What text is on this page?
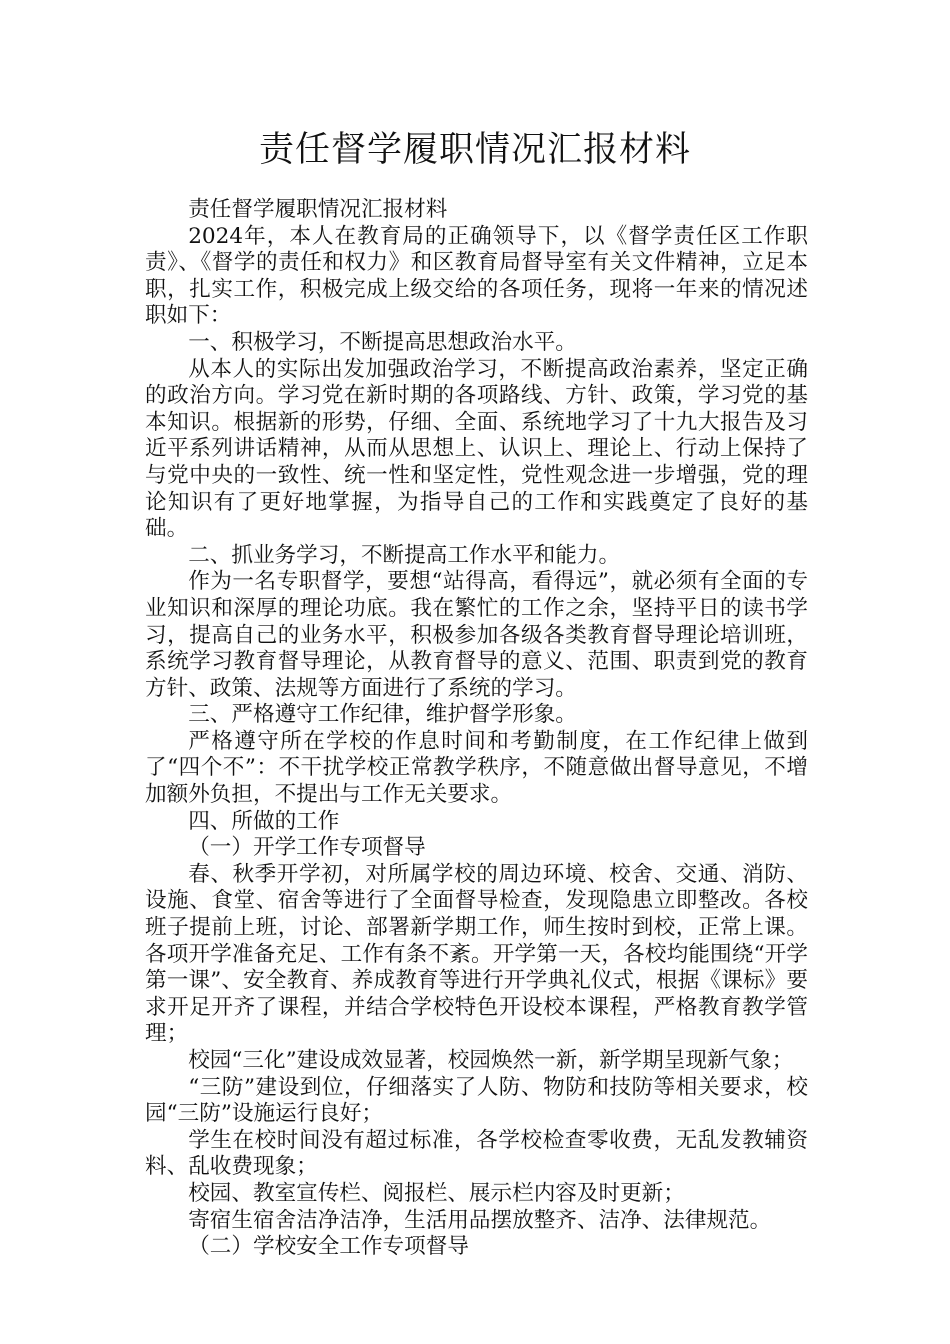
责任督学履职情况汇报材料

责任督学履职情况汇报材料

2024年，本人在教育局的正确领导下，以《督学责任区工作职责》、《督学的责任和权力》和区教育局督导室有关文件精神，立足本职，扎实工作，积极完成上级交给的各项任务，现将一年来的情况述职如下：

一、积极学习，不断提高思想政治水平。

从本人的实际出发加强政治学习，不断提高政治素养，坚定正确的政治方向。学习党在新时期的各项路线、方针、政策，学习党的基本知识。根据新的形势，仔细、全面、系统地学习了十九大报告及习近平系列讲话精神，从而从思想上、认识上、理论上、行动上保持了与党中央的一致性、统一性和坚定性，党性观念进一步增强，党的理论知识有了更好地掌握，为指导自己的工作和实践奠定了良好的基础。

二、抓业务学习，不断提高工作水平和能力。

作为一名专职督学，要想“站得高，看得远”，就必须有全面的专业知识和深厚的理论功底。我在繁忙的工作之余，坚持平日的读书学习，提高自己的业务水平，积极参加各级各类教育督导理论培训班，系统学习教育督导理论，从教育督导的意义、范围、职责到党的教育方针、政策、法规等方面进行了系统的学习。

三、严格遵守工作纪律，维护督学形象。

严格遵守所在学校的作息时间和考勤制度，在工作纪律上做到了“四个不”：不干扰学校正常教学秩序，不随意做出督导意见，不增加额外负担，不提出与工作无关要求。

四、所做的工作

（一）开学工作专项督导

春、秋季开学初，对所属学校的周边环境、校舍、交通、消防、设施、食堂、宿舍等进行了全面督导检查，发现隐患立即整改。各校班子提前上班，讨论、部署新学期工作，师生按时到校，正常上课。各项开学准备充足、工作有条不紊。开学第一天，各校均能围绕“开学第一课”、安全教育、养成教育等进行开学典礼仪式，根据《课标》要求开足开齐了课程，并结合学校特色开设校本课程，严格教育教学管理；

校园“三化”建设成效显著，校园焕然一新，新学期呈现新气象；

“三防”建设到位，仔细落实了人防、物防和技防等相关要求，校园“三防”设施运行良好；

学生在校时间没有超过标准，各学校检查零收费，无乱发教辅资料、乱收费现象；

校园、教室宣传栏、阅报栏、展示栏内容及时更新；

寄宿生宿舍洁净洁净，生活用品摆放整齐、洁净、法律规范。

（二）学校安全工作专项督导
